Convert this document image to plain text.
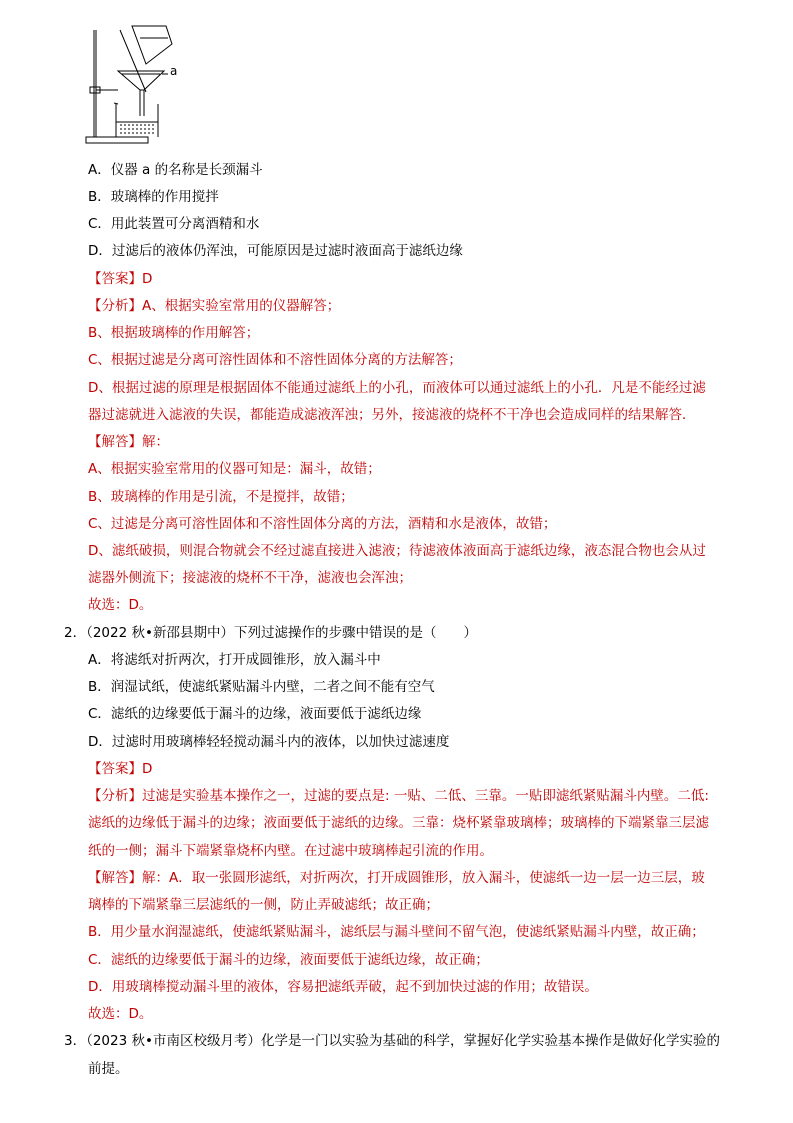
a
A．仪器 a 的名称是长颈漏斗
B．玻璃棒的作用搅拌
C．用此装置可分离酒精和水
D．过滤后的液体仍浑浊，可能原因是过滤时液面高于滤纸边缘
【答案】D
【分析】A、根据实验室常用的仪器解答；
B、根据玻璃棒的作用解答；
C、根据过滤是分离可溶性固体和不溶性固体分离的方法解答；
D、根据过滤的原理是根据固体不能通过滤纸上的小孔，而液体可以通过滤纸上的小孔．凡是不能经过滤
器过滤就进入滤液的失误，都能造成滤液浑浊；另外，接滤液的烧杯不干净也会造成同样的结果解答．
【解答】解：
A、根据实验室常用的仪器可知是：漏斗，故错；
B、玻璃棒的作用是引流，不是搅拌，故错；
C、过滤是分离可溶性固体和不溶性固体分离的方法，酒精和水是液体，故错；
D、滤纸破损，则混合物就会不经过滤直接进入滤液；待滤液体液面高于滤纸边缘，液态混合物也会从过
滤器外侧流下；接滤液的烧杯不干净，滤液也会浑浊；
故选：D。
2．（2022 秋•新邵县期中）下列过滤操作的步骤中错误的是（　　）
A．将滤纸对折两次，打开成圆锥形，放入漏斗中
B．润湿试纸，使滤纸紧贴漏斗内壁，二者之间不能有空气
C．滤纸的边缘要低于漏斗的边缘，液面要低于滤纸边缘
D．过滤时用玻璃棒轻轻搅动漏斗内的液体，以加快过滤速度
【答案】D
【分析】过滤是实验基本操作之一，过滤的要点是: 一贴、二低、三靠。一贴即滤纸紧贴漏斗内壁。二低:
滤纸的边缘低于漏斗的边缘；液面要低于滤纸的边缘。三靠：烧杯紧靠玻璃棒；玻璃棒的下端紧靠三层滤
纸的一侧；漏斗下端紧靠烧杯内壁。在过滤中玻璃棒起引流的作用。
【解答】解：A．取一张圆形滤纸，对折两次，打开成圆锥形，放入漏斗，使滤纸一边一层一边三层，玻
璃棒的下端紧靠三层滤纸的一侧，防止弄破滤纸；故正确；
B．用少量水润湿滤纸，使滤纸紧贴漏斗，滤纸层与漏斗壁间不留气泡，使滤纸紧贴漏斗内壁，故正确；
C．滤纸的边缘要低于漏斗的边缘，液面要低于滤纸边缘，故正确；
D．用玻璃棒搅动漏斗里的液体，容易把滤纸弄破，起不到加快过滤的作用；故错误。
故选：D。
3．（2023 秋•市南区校级月考）化学是一门以实验为基础的科学，掌握好化学实验基本操作是做好化学实验的
前提。
